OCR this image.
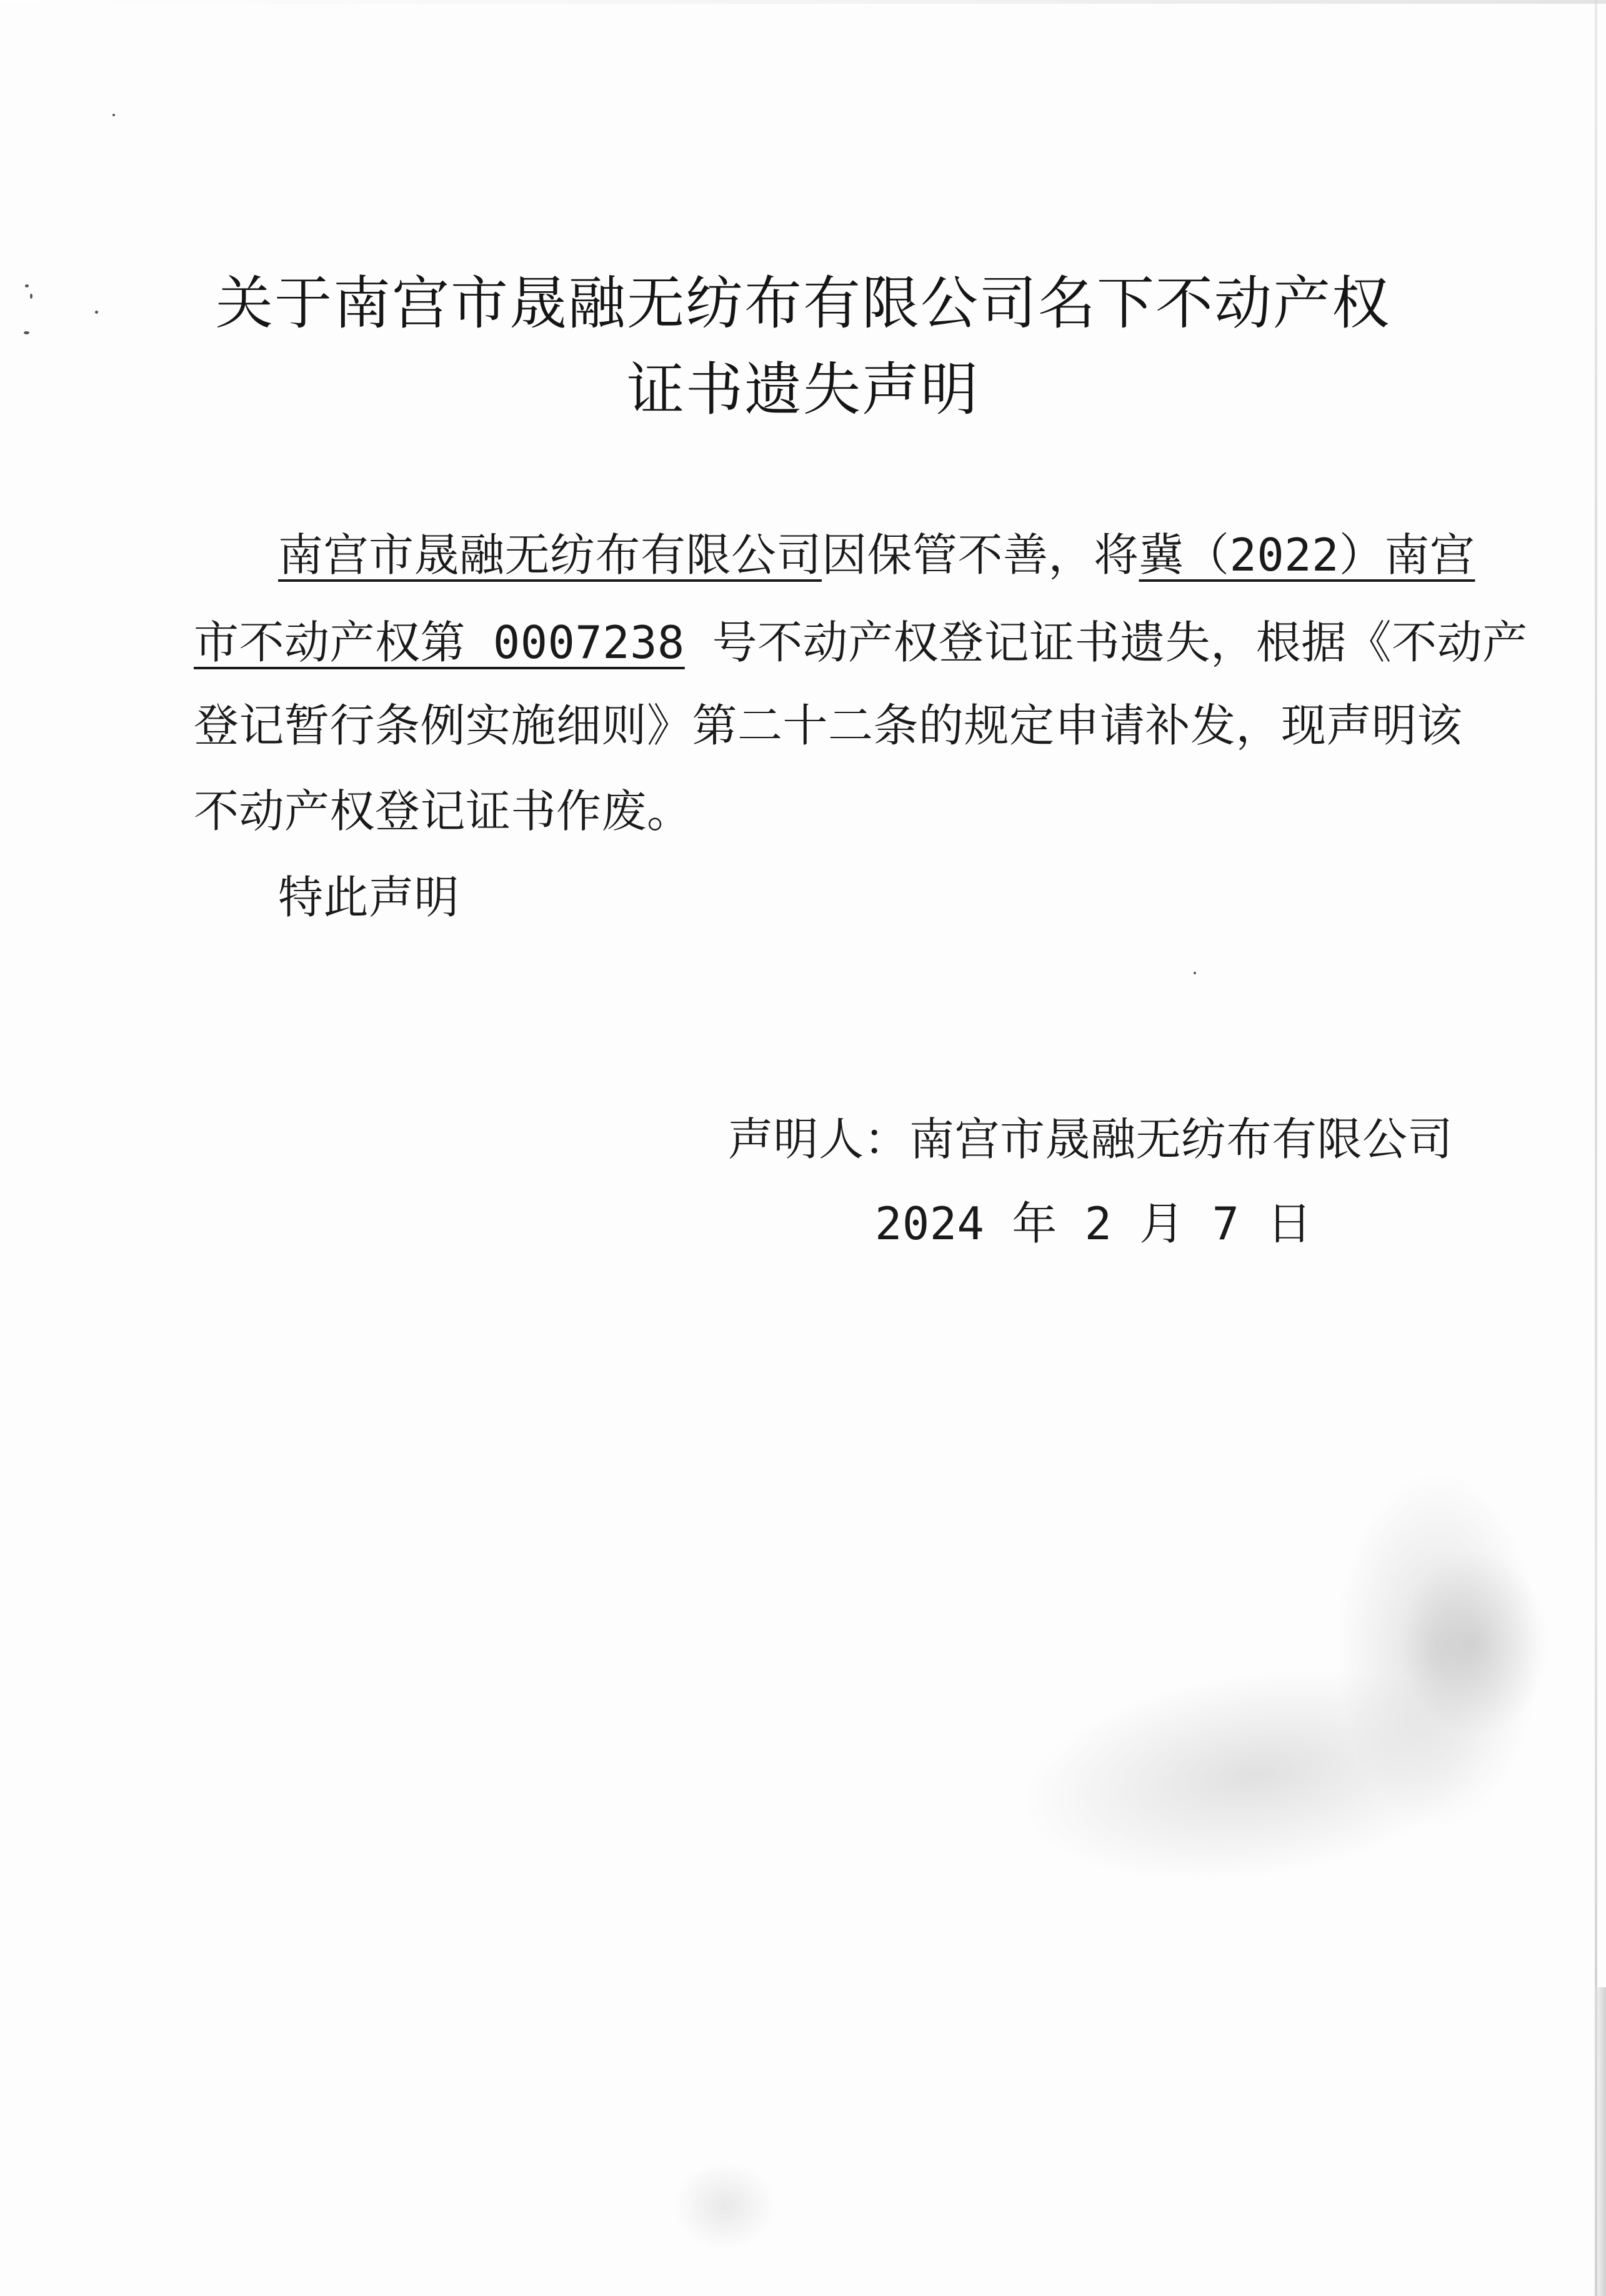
关于南宫市晟融无纺布有限公司名下不动产权
证书遗失声明
南宫市晟融无纺布有限公司因保管不善，将冀（2022）南宫
市不动产权第 0007238 号不动产权登记证书遗失，根据《不动产
登记暂行条例实施细则》第二十二条的规定申请补发，现声明该
不动产权登记证书作废。
特此声明
声明人：南宫市晟融无纺布有限公司
2024 年 2 月 7 日
